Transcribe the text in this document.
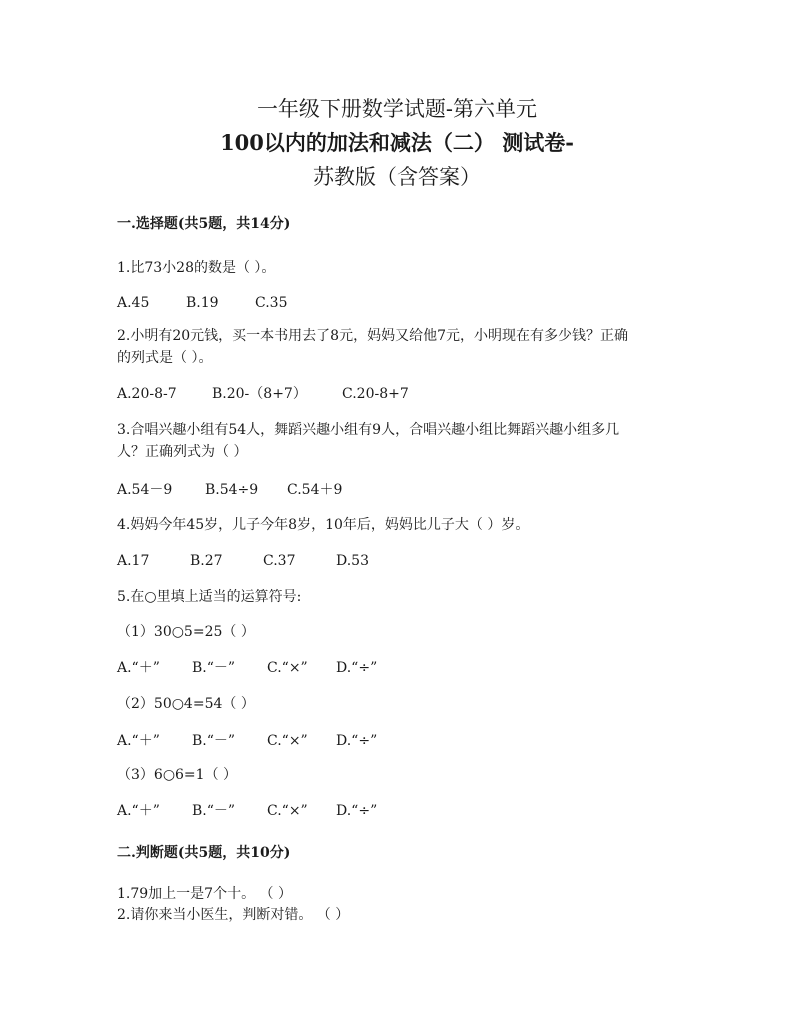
一年级下册数学试题-第六单元
100以内的加法和减法（二） 测试卷-
苏教版（含答案）
一.选择题(共5题，共14分)
1.比73小28的数是（ ）。
A.45	B.19	C.35
2.小明有20元钱，买一本书用去了8元，妈妈又给他7元，小明现在有多少钱？正确
的列式是（ ）。
A.20-8-7	B.20-（8+7）	C.20-8+7
3.合唱兴趣小组有54人，舞蹈兴趣小组有9人，合唱兴趣小组比舞蹈兴趣小组多几
人？正确列式为（ ）
A.54－9 B.54÷9 C.54＋9
4.妈妈今年45岁，儿子今年8岁，10年后，妈妈比儿子大（ ）岁。
A.17	B.27	C.37	D.53
5.在○里填上适当的运算符号:
（1）30○5=25（ ）
A.“＋” B.“－” C.“×” D.“÷”
（2）50○4=54（ ）
A.“＋” B.“－” C.“×” D.“÷”
（3）6○6=1（ ）
A.“＋” B.“－” C.“×” D.“÷”
二.判断题(共5题，共10分)
1.79加上一是7个十。 （ ）
2.请你来当小医生，判断对错。 （ ）
